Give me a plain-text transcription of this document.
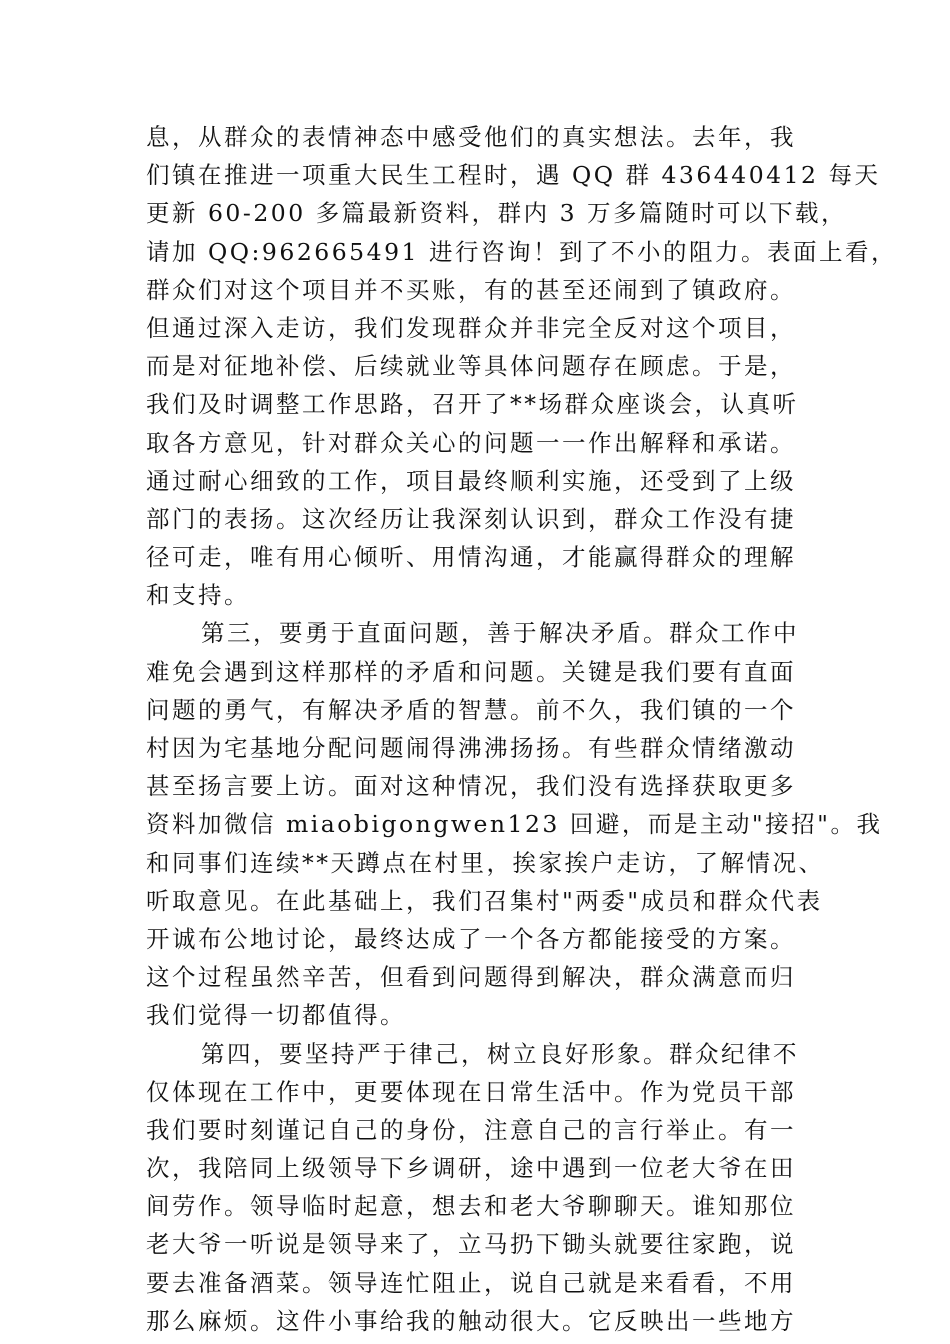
息，从群众的表情神态中感受他们的真实想法。去年，我
们镇在推进一项重大民生工程时，遇 QQ 群 436440412 每天
更新 60-200 多篇最新资料，群内 3 万多篇随时可以下载，
请加 QQ:962665491 进行咨询！到了不小的阻力。表面上看，
群众们对这个项目并不买账，有的甚至还闹到了镇政府。
但通过深入走访，我们发现群众并非完全反对这个项目，
而是对征地补偿、后续就业等具体问题存在顾虑。于是，
我们及时调整工作思路，召开了**场群众座谈会，认真听
取各方意见，针对群众关心的问题一一作出解释和承诺。
通过耐心细致的工作，项目最终顺利实施，还受到了上级
部门的表扬。这次经历让我深刻认识到，群众工作没有捷
径可走，唯有用心倾听、用情沟通，才能赢得群众的理解
和支持。
第三，要勇于直面问题，善于解决矛盾。群众工作中
难免会遇到这样那样的矛盾和问题。关键是我们要有直面
问题的勇气，有解决矛盾的智慧。前不久，我们镇的一个
村因为宅基地分配问题闹得沸沸扬扬。有些群众情绪激动
甚至扬言要上访。面对这种情况，我们没有选择获取更多
资料加微信 miaobigongwen123 回避，而是主动"接招"。我
和同事们连续**天蹲点在村里，挨家挨户走访，了解情况、
听取意见。在此基础上，我们召集村"两委"成员和群众代表
开诚布公地讨论，最终达成了一个各方都能接受的方案。
这个过程虽然辛苦，但看到问题得到解决，群众满意而归
我们觉得一切都值得。
第四，要坚持严于律己，树立良好形象。群众纪律不
仅体现在工作中，更要体现在日常生活中。作为党员干部
我们要时刻谨记自己的身份，注意自己的言行举止。有一
次，我陪同上级领导下乡调研，途中遇到一位老大爷在田
间劳作。领导临时起意，想去和老大爷聊聊天。谁知那位
老大爷一听说是领导来了，立马扔下锄头就要往家跑，说
要去准备酒菜。领导连忙阻止，说自己就是来看看，不用
那么麻烦。这件小事给我的触动很大。它反映出一些地方
